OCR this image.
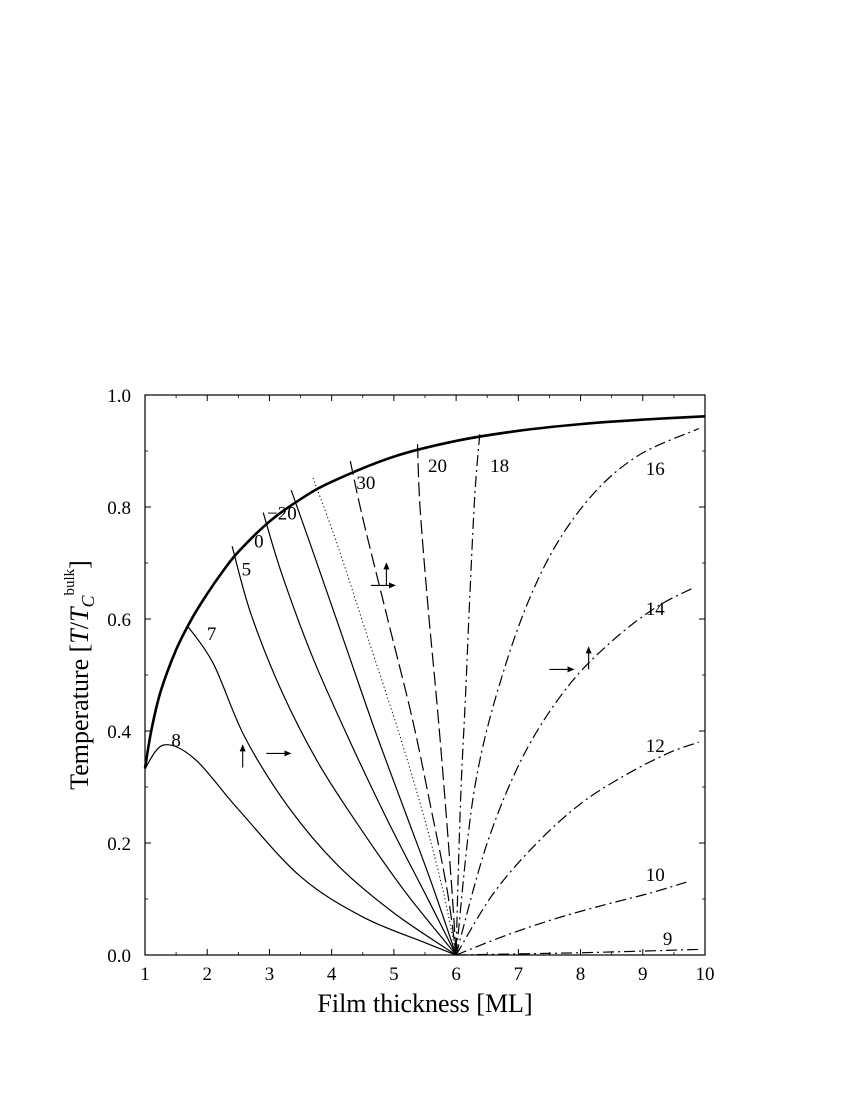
1	2	3	4	5	6	7	8	9	10
0.0
0.2
0.4
0.6
0.8
1.0
8
7
5
0
−20
30
20 18	16
14
12
10
9
Film thickness [ML]
Temperature $[T/T_C^{bulk}]$
